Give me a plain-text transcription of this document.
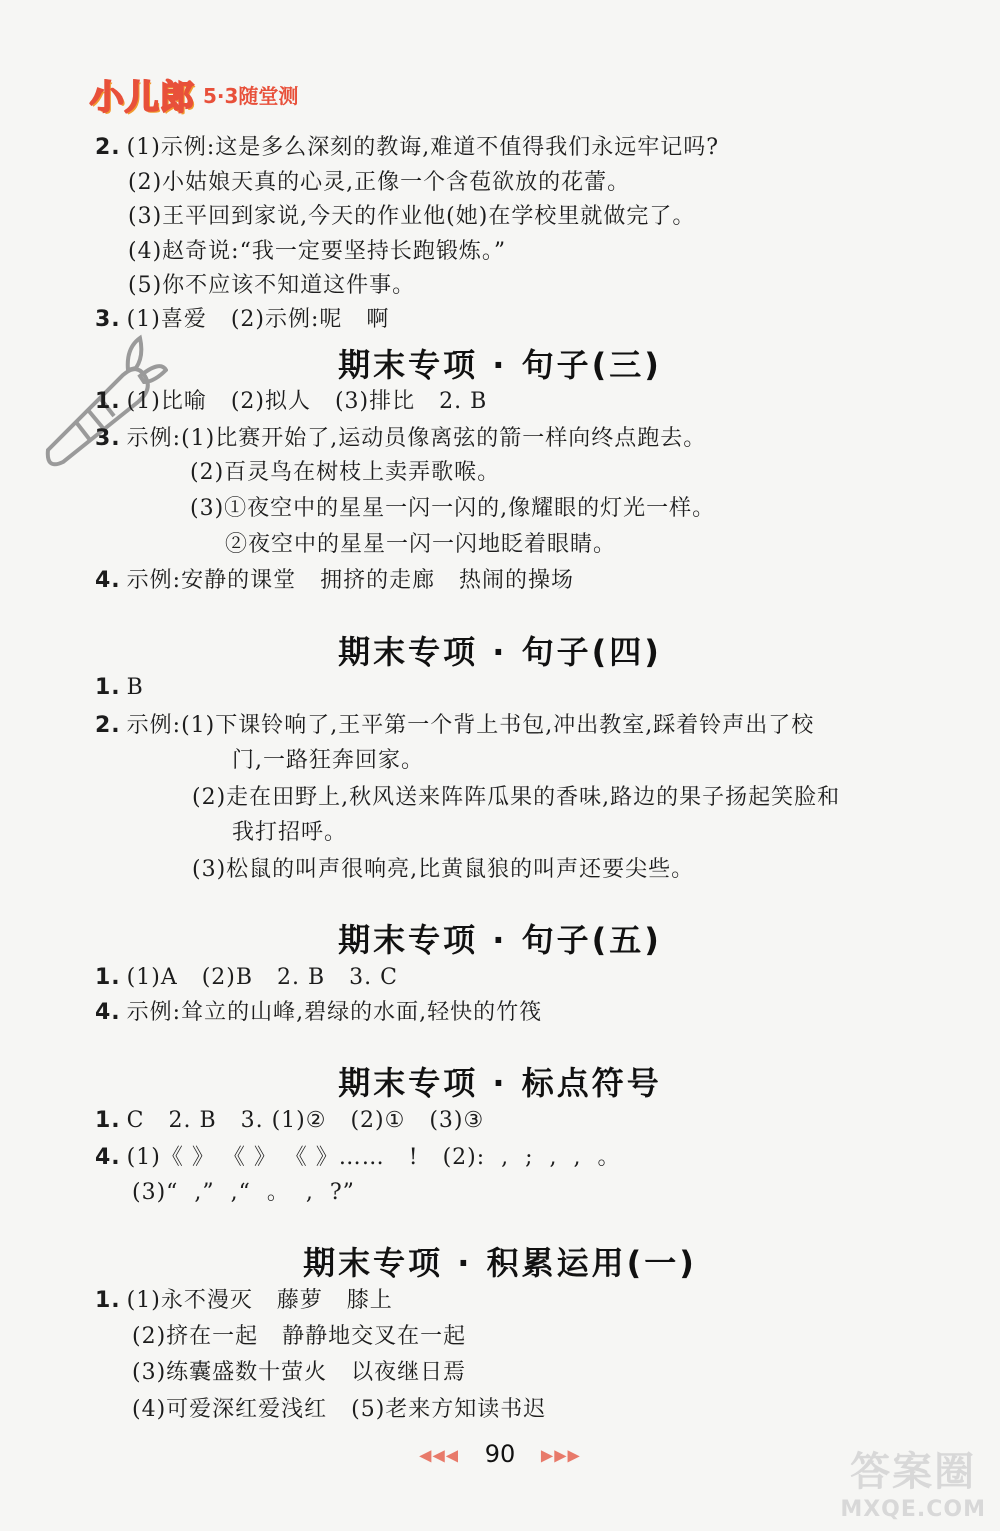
小儿郎 5·3随堂测
2. (1)示例:这是多么深刻的教诲,难道不值得我们永远牢记吗?
(2)小姑娘天真的心灵,正像一个含苞欲放的花蕾。
(3)王平回到家说,今天的作业他(她)在学校里就做完了。
(4)赵奇说:“我一定要坚持长跑锻炼。”
(5)你不应该不知道这件事。
3. (1)喜爱   (2)示例:呢   啊
期末专项 · 句子(三)
1. (1)比喻   (2)拟人   (3)排比   2. B
3. 示例:(1)比赛开始了,运动员像离弦的箭一样向终点跑去。
(2)百灵鸟在树枝上卖弄歌喉。
(3)①夜空中的星星一闪一闪的,像耀眼的灯光一样。
②夜空中的星星一闪一闪地眨着眼睛。
4. 示例:安静的课堂   拥挤的走廊   热闹的操场
期末专项 · 句子(四)
1. B
2. 示例:(1)下课铃响了,王平第一个背上书包,冲出教室,踩着铃声出了校
门,一路狂奔回家。
(2)走在田野上,秋风送来阵阵瓜果的香味,路边的果子扬起笑脸和
我打招呼。
(3)松鼠的叫声很响亮,比黄鼠狼的叫声还要尖些。
期末专项 · 句子(五)
1. (1)A   (2)B   2. B   3. C
4. 示例:耸立的山峰,碧绿的水面,轻快的竹筏
期末专项 · 标点符号
1. C   2. B   3. (1)②   (2)①   (3)③
4. (1)《 》 《 》 《 》……   !   (2):  ,  ;  ,  ,  。
(3)“  ,”  ,“  。  ,  ?”
期末专项 · 积累运用(一)
1. (1)永不漫灭   藤萝   膝上
(2)挤在一起   静静地交叉在一起
(3)练囊盛数十萤火   以夜继日焉
(4)可爱深红爱浅红   (5)老来方知读书迟
◀◀◀ 90 ▶▶▶	答案圈
MXQE.COM
